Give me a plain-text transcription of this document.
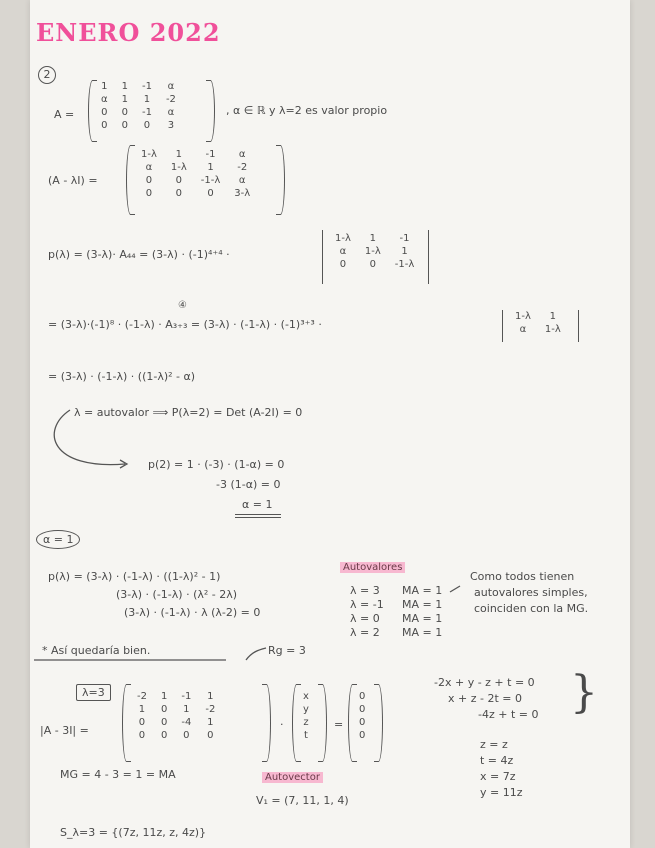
ENERO 2022
2
A =
1	1	-1	α
α	1	1	-2
0	0	-1	α
0	0	0	3
, α ∈ ℝ y λ=2 es valor propio
(A - λI) =
1-λ	1	-1	α
α	1-λ	1	-2
0	0	-1-λ	α
0	0	0	3-λ
p(λ) = (3-λ)· A₄₄ = (3-λ) · (-1)⁴⁺⁴ ·
1-λ	1	-1
α	1-λ	1
0	0	-1-λ
④
= (3-λ)·(-1)⁸ · (-1-λ) · A₃₊₃ = (3-λ) · (-1-λ) · (-1)³⁺³ ·
1-λ	1
α	1-λ
= (3-λ) · (-1-λ) · ((1-λ)² - α)
λ = autovalor ⟹ P(λ=2) = Det (A-2I) = 0
p(2) = 1 · (-3) · (1-α) = 0
-3 (1-α) = 0
α = 1
α = 1
p(λ) = (3-λ) · (-1-λ) · ((1-λ)² - 1)
(3-λ) · (-1-λ) · (λ² - 2λ)
(3-λ) · (-1-λ) · λ (λ-2) = 0
Autovalores
λ = 3 MA = 1
λ = -1 MA = 1
λ = 0 MA = 1
λ = 2 MA = 1
Como todos tienen
autovalores simples,
coinciden con la MG.
* Así quedaría bien.
λ=3
Rg = 3
|A - 3I| =
-2	1	-1	1
1	0	1	-2
0	0	-4	1
0	0	0	0
·
x
y
z
t
=
0
0
0
0
-2x + y - z + t = 0
x + z - 2t = 0
-4z + t = 0 }
z = z
t = 4z
x = 7z
y = 11z
MG = 4 - 3 = 1 = MA	Autovector
V₁ = (7, 11, 1, 4)
S_λ=3 = {(7z, 11z, z, 4z)}
